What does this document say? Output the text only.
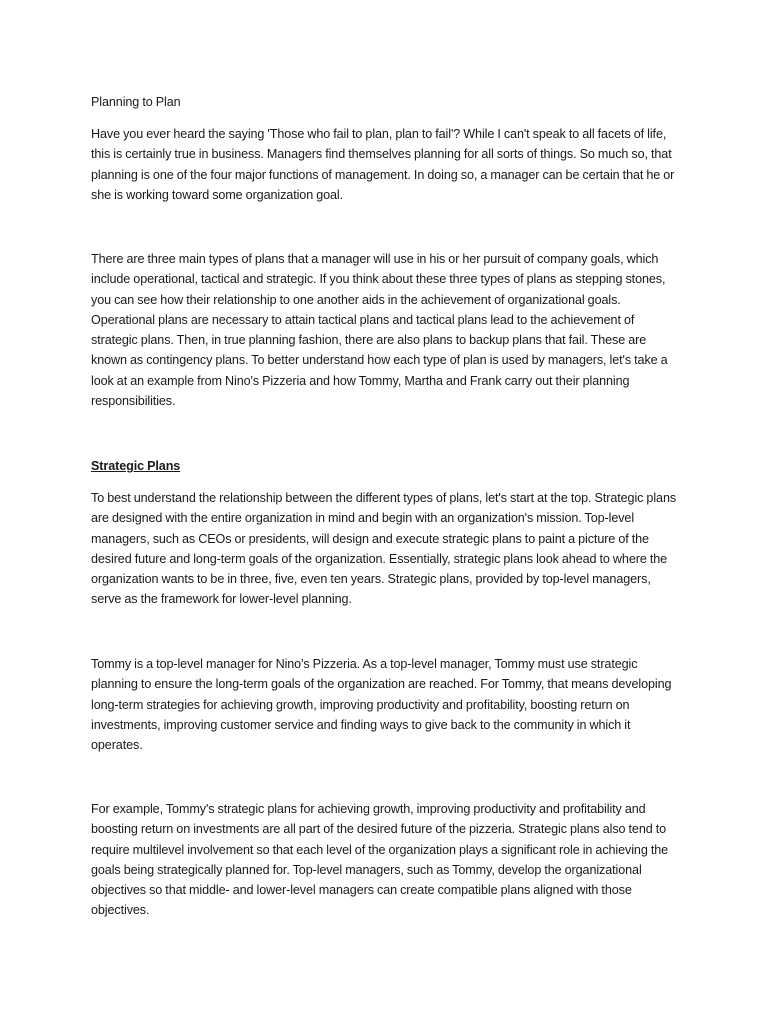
Planning to Plan

Have you ever heard the saying 'Those who fail to plan, plan to fail'? While I can't speak to all facets of life, this is certainly true in business. Managers find themselves planning for all sorts of things. So much so, that planning is one of the four major functions of management. In doing so, a manager can be certain that he or she is working toward some organization goal.

There are three main types of plans that a manager will use in his or her pursuit of company goals, which include operational, tactical and strategic. If you think about these three types of plans as stepping stones, you can see how their relationship to one another aids in the achievement of organizational goals. Operational plans are necessary to attain tactical plans and tactical plans lead to the achievement of strategic plans. Then, in true planning fashion, there are also plans to backup plans that fail. These are known as contingency plans. To better understand how each type of plan is used by managers, let's take a look at an example from Nino's Pizzeria and how Tommy, Martha and Frank carry out their planning responsibilities.

Strategic Plans

To best understand the relationship between the different types of plans, let's start at the top. Strategic plans are designed with the entire organization in mind and begin with an organization's mission. Top-level managers, such as CEOs or presidents, will design and execute strategic plans to paint a picture of the desired future and long-term goals of the organization. Essentially, strategic plans look ahead to where the organization wants to be in three, five, even ten years. Strategic plans, provided by top-level managers, serve as the framework for lower-level planning.

Tommy is a top-level manager for Nino's Pizzeria. As a top-level manager, Tommy must use strategic planning to ensure the long-term goals of the organization are reached. For Tommy, that means developing long-term strategies for achieving growth, improving productivity and profitability, boosting return on investments, improving customer service and finding ways to give back to the community in which it operates.

For example, Tommy's strategic plans for achieving growth, improving productivity and profitability and boosting return on investments are all part of the desired future of the pizzeria. Strategic plans also tend to require multilevel involvement so that each level of the organization plays a significant role in achieving the goals being strategically planned for. Top-level managers, such as Tommy, develop the organizational objectives so that middle- and lower-level managers can create compatible plans aligned with those objectives.
